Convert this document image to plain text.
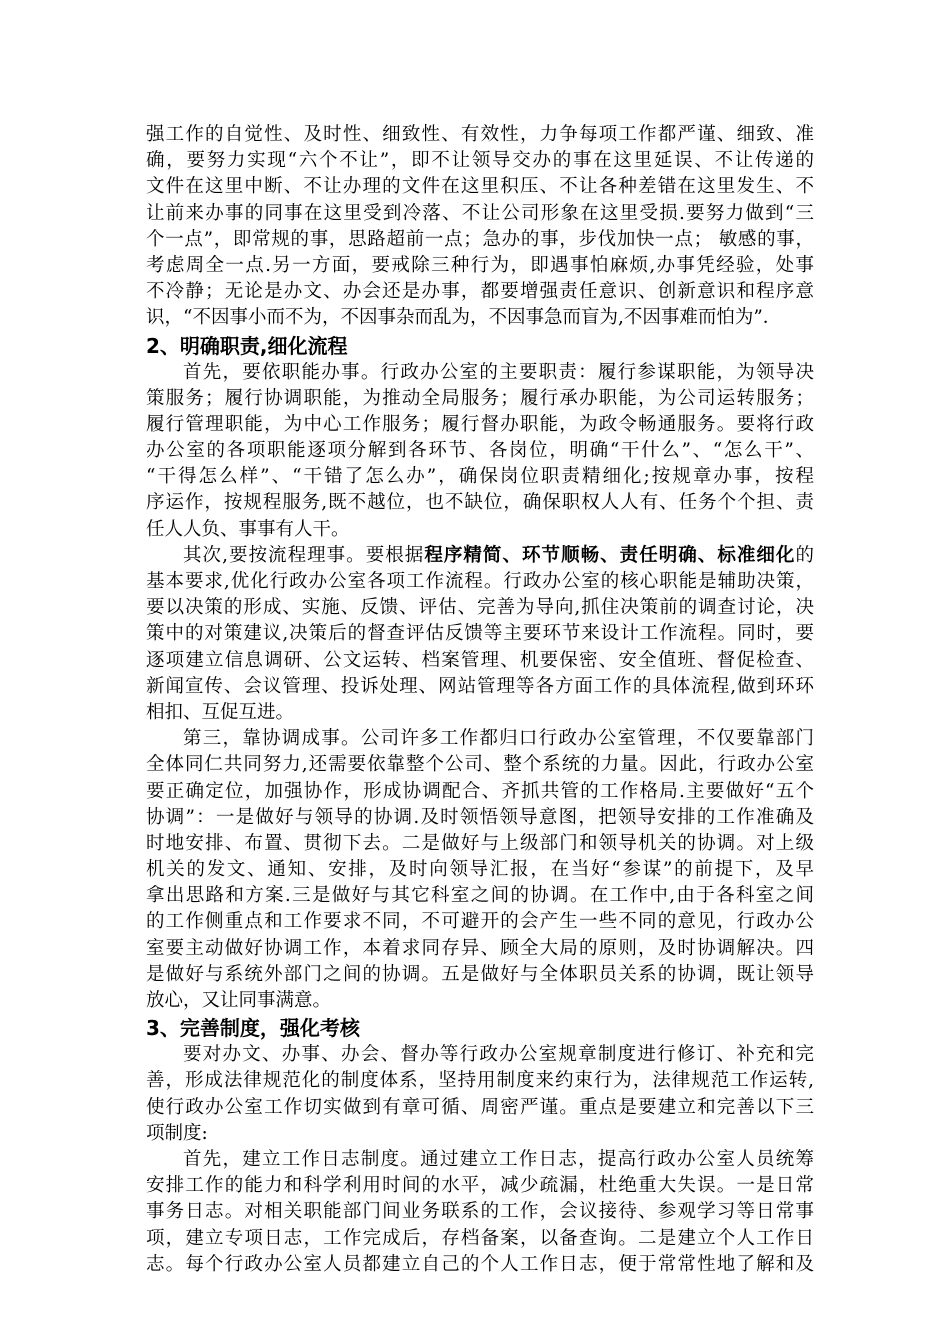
强工作的自觉性、及时性、细致性、有效性，力争每项工作都严谨、细致、准
确，要努力实现“六个不让”，即不让领导交办的事在这里延误、不让传递的
文件在这里中断、不让办理的文件在这里积压、不让各种差错在这里发生、不
让前来办事的同事在这里受到冷落、不让公司形象在这里受损.要努力做到“三
个一点”，即常规的事，思路超前一点；急办的事，步伐加快一点； 敏感的事，
考虑周全一点.另一方面，要戒除三种行为，即遇事怕麻烦,办事凭经验，处事
不冷静；无论是办文、办会还是办事，都要增强责任意识、创新意识和程序意
识，“不因事小而不为，不因事杂而乱为，不因事急而盲为,不因事难而怕为”．
2、明确职责,细化流程
首先，要依职能办事。行政办公室的主要职责：履行参谋职能，为领导决
策服务；履行协调职能，为推动全局服务；履行承办职能，为公司运转服务；
履行管理职能，为中心工作服务；履行督办职能，为政令畅通服务。要将行政
办公室的各项职能逐项分解到各环节、各岗位，明确“干什么”、“怎么干”、
“干得怎么样”、“干错了怎么办”，确保岗位职责精细化;按规章办事，按程
序运作，按规程服务,既不越位，也不缺位，确保职权人人有、任务个个担、责
任人人负、事事有人干。
其次,要按流程理事。要根据程序精简、环节顺畅、责任明确、标准细化的
基本要求,优化行政办公室各项工作流程。行政办公室的核心职能是辅助决策，
要以决策的形成、实施、反馈、评估、完善为导向,抓住决策前的调查讨论，决
策中的对策建议,决策后的督查评估反馈等主要环节来设计工作流程。同时，要
逐项建立信息调研、公文运转、档案管理、机要保密、安全值班、督促检查、
新闻宣传、会议管理、投诉处理、网站管理等各方面工作的具体流程,做到环环
相扣、互促互进。
第三，靠协调成事。公司许多工作都归口行政办公室管理，不仅要靠部门
全体同仁共同努力,还需要依靠整个公司、整个系统的力量。因此，行政办公室
要正确定位，加强协作，形成协调配合、齐抓共管的工作格局.主要做好“五个
协调”：一是做好与领导的协调.及时领悟领导意图，把领导安排的工作准确及
时地安排、布置、贯彻下去。二是做好与上级部门和领导机关的协调。对上级
机关的发文、通知、安排，及时向领导汇报，在当好“参谋”的前提下，及早
拿出思路和方案.三是做好与其它科室之间的协调。在工作中,由于各科室之间
的工作侧重点和工作要求不同，不可避开的会产生一些不同的意见，行政办公
室要主动做好协调工作，本着求同存异、顾全大局的原则，及时协调解决。四
是做好与系统外部门之间的协调。五是做好与全体职员关系的协调，既让领导
放心，又让同事满意。
3、完善制度，强化考核
要对办文、办事、办会、督办等行政办公室规章制度进行修订、补充和完
善，形成法律规范化的制度体系，坚持用制度来约束行为，法律规范工作运转,
使行政办公室工作切实做到有章可循、周密严谨。重点是要建立和完善以下三
项制度:
首先，建立工作日志制度。通过建立工作日志，提高行政办公室人员统筹
安排工作的能力和科学利用时间的水平，减少疏漏，杜绝重大失误。一是日常
事务日志。对相关职能部门间业务联系的工作，会议接待、参观学习等日常事
项，建立专项日志，工作完成后，存档备案，以备查询。二是建立个人工作日
志。每个行政办公室人员都建立自己的个人工作日志，便于常常性地了解和及
